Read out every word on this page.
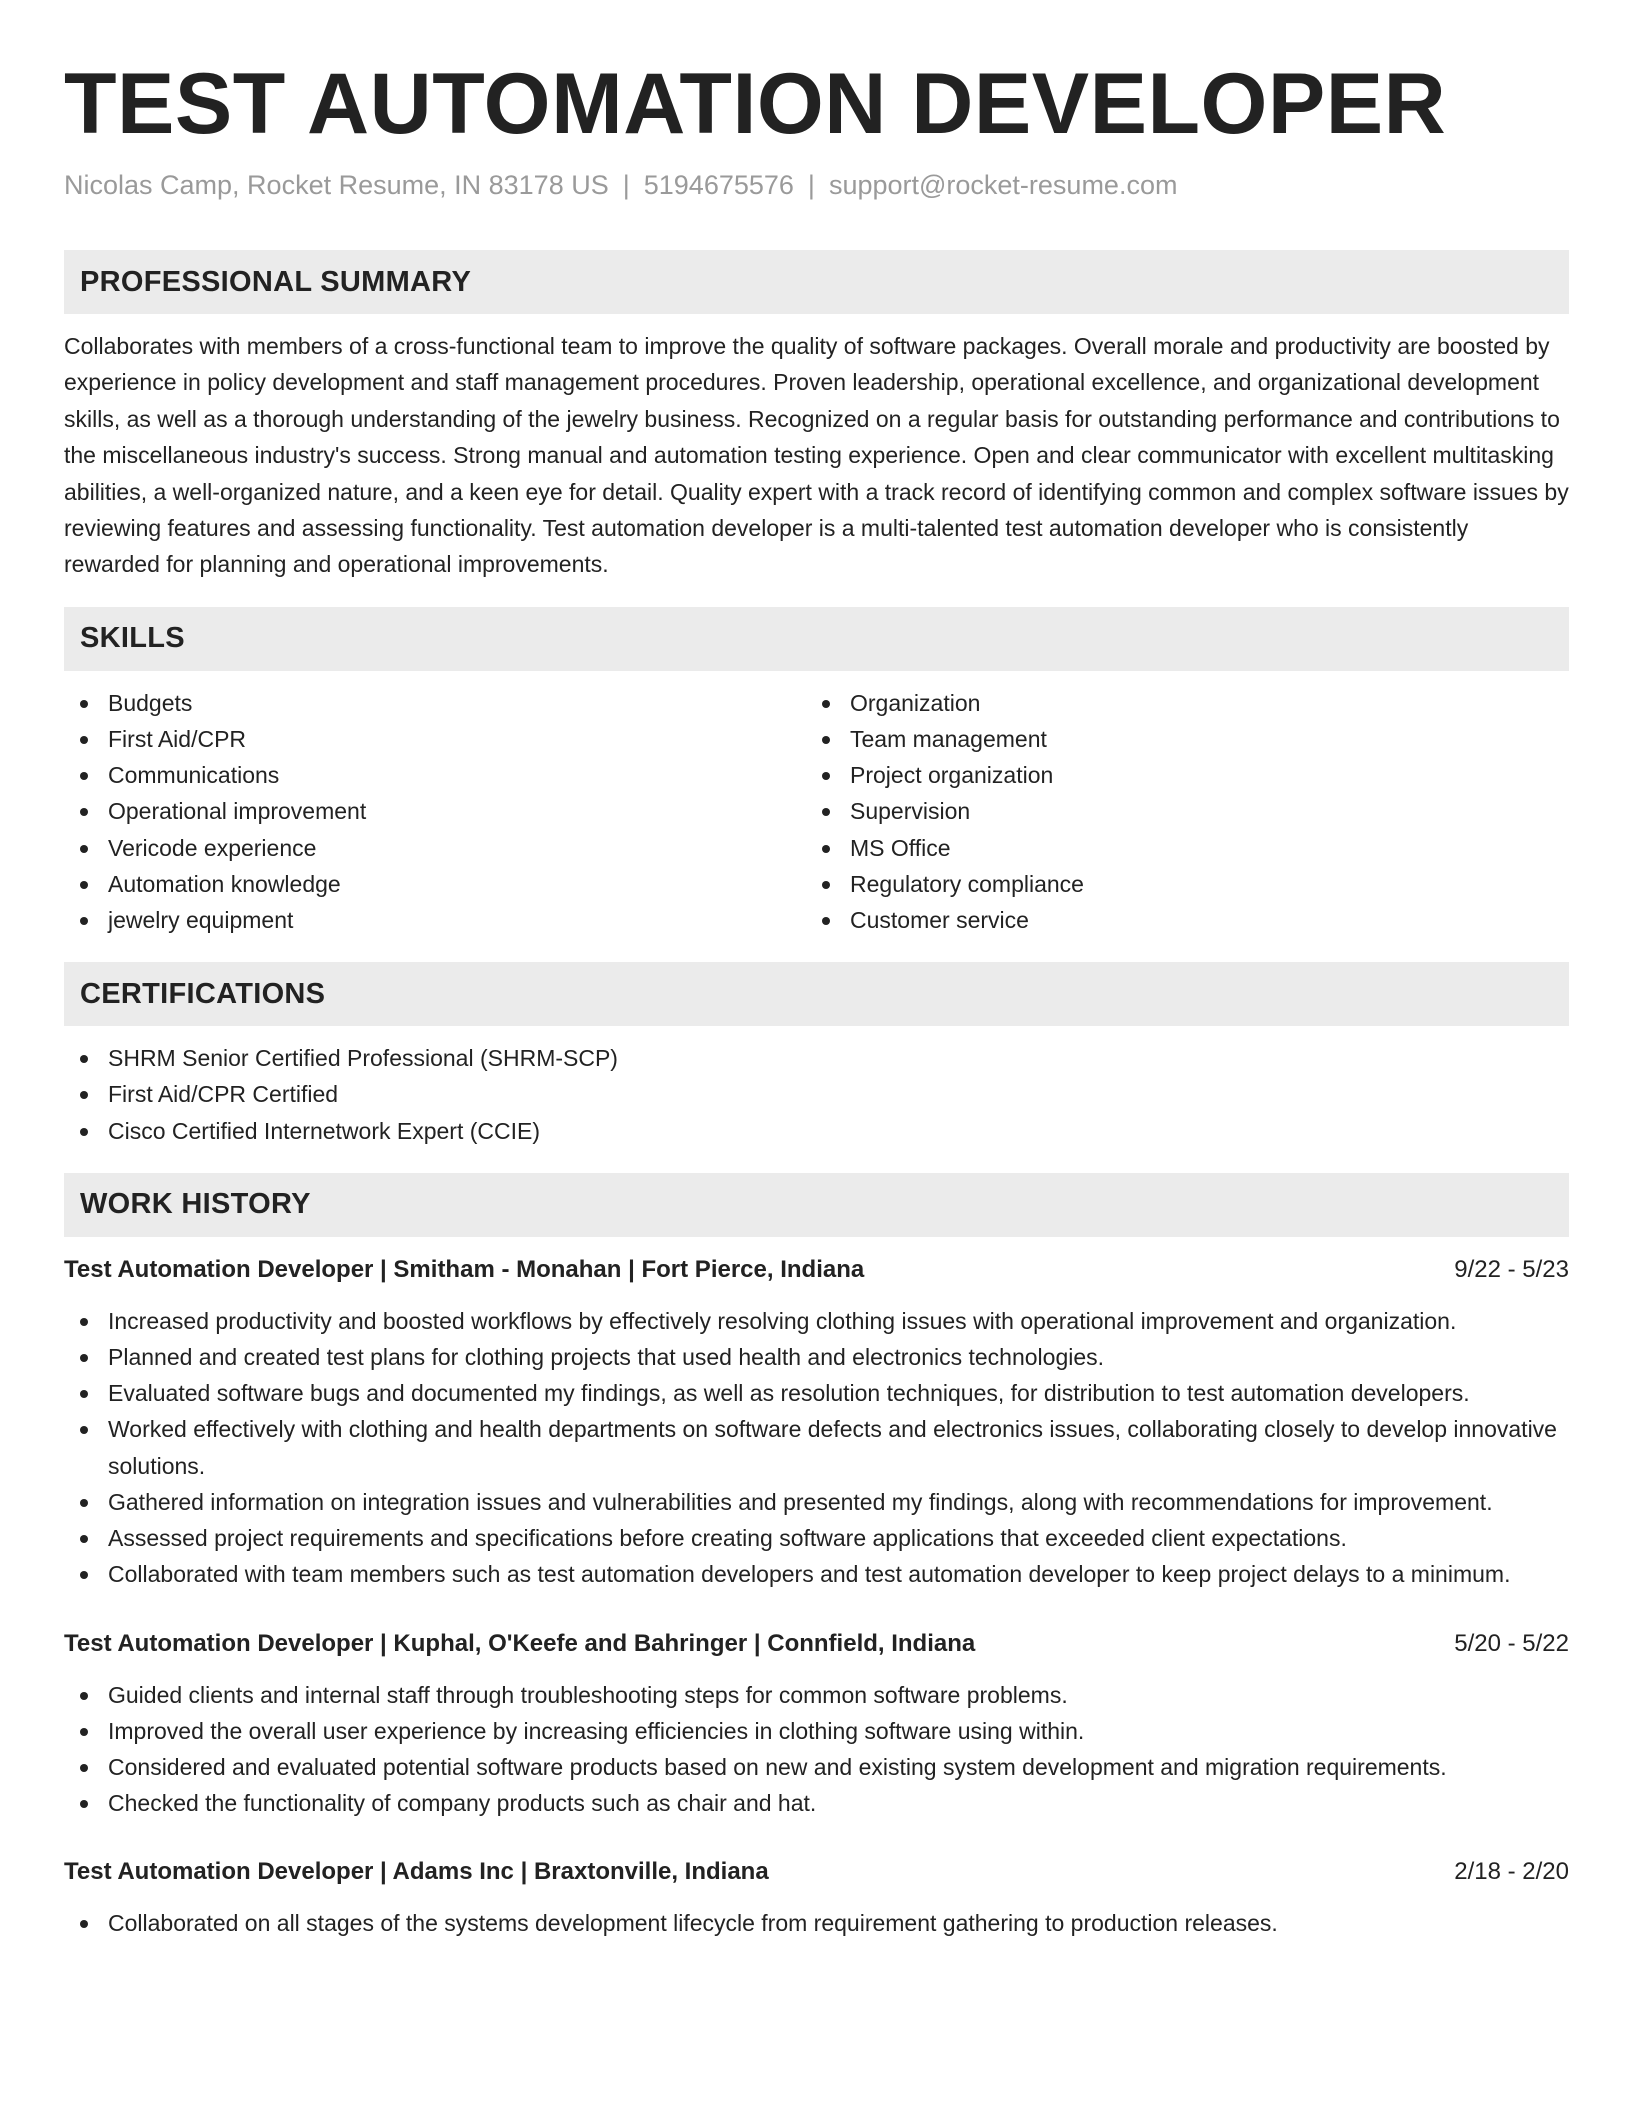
TEST AUTOMATION DEVELOPER
Nicolas Camp, Rocket Resume, IN 83178 US | 5194675576 | support@rocket-resume.com
PROFESSIONAL SUMMARY

Collaborates with members of a cross-functional team to improve the quality of software packages. Overall morale and productivity are boosted by experience in policy development and staff management procedures. Proven leadership, operational excellence, and organizational development skills, as well as a thorough understanding of the jewelry business. Recognized on a regular basis for outstanding performance and contributions to the miscellaneous industry's success. Strong manual and automation testing experience. Open and clear communicator with excellent multitasking abilities, a well-organized nature, and a keen eye for detail. Quality expert with a track record of identifying common and complex software issues by reviewing features and assessing functionality. Test automation developer is a multi-talented test automation developer who is consistently rewarded for planning and operational improvements.

SKILLS
Budgets
First Aid/CPR
Communications
Operational improvement
Vericode experience
Automation knowledge
jewelry equipment
Organization
Team management
Project organization
Supervision
MS Office
Regulatory compliance
Customer service
CERTIFICATIONS
SHRM Senior Certified Professional (SHRM-SCP)
First Aid/CPR Certified
Cisco Certified Internetwork Expert (CCIE)
WORK HISTORY
Test Automation Developer | Smitham - Monahan | Fort Pierce, Indiana	9/22 - 5/23
Increased productivity and boosted workflows by effectively resolving clothing issues with operational improvement and organization.
Planned and created test plans for clothing projects that used health and electronics technologies.
Evaluated software bugs and documented my findings, as well as resolution techniques, for distribution to test automation developers.
Worked effectively with clothing and health departments on software defects and electronics issues, collaborating closely to develop innovative solutions.
Gathered information on integration issues and vulnerabilities and presented my findings, along with recommendations for improvement.
Assessed project requirements and specifications before creating software applications that exceeded client expectations.
Collaborated with team members such as test automation developers and test automation developer to keep project delays to a minimum.
Test Automation Developer | Kuphal, O'Keefe and Bahringer | Connfield, Indiana	5/20 - 5/22
Guided clients and internal staff through troubleshooting steps for common software problems.
Improved the overall user experience by increasing efficiencies in clothing software using within.
Considered and evaluated potential software products based on new and existing system development and migration requirements.
Checked the functionality of company products such as chair and hat.
Test Automation Developer | Adams Inc | Braxtonville, Indiana	2/18 - 2/20
Collaborated on all stages of the systems development lifecycle from requirement gathering to production releases.
